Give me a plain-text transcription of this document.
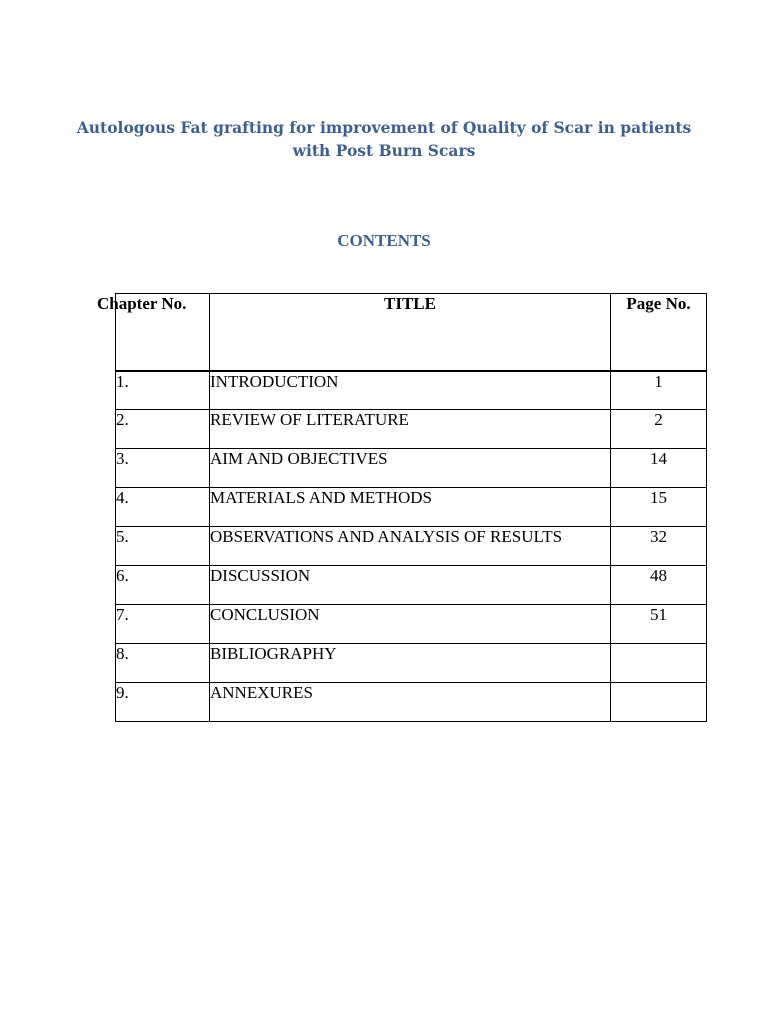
Autologous Fat grafting for improvement of Quality of Scar in patients
with Post Burn Scars
CONTENTS
Chapter No.	TITLE	Page No.
1.	INTRODUCTION	1
2.	REVIEW OF LITERATURE	2
3.	AIM AND OBJECTIVES	14
4.	MATERIALS AND METHODS	15
5.	OBSERVATIONS AND ANALYSIS OF RESULTS	32
6.	DISCUSSION	48
7.	CONCLUSION	51
8.	BIBLIOGRAPHY	
9.	ANNEXURES	
